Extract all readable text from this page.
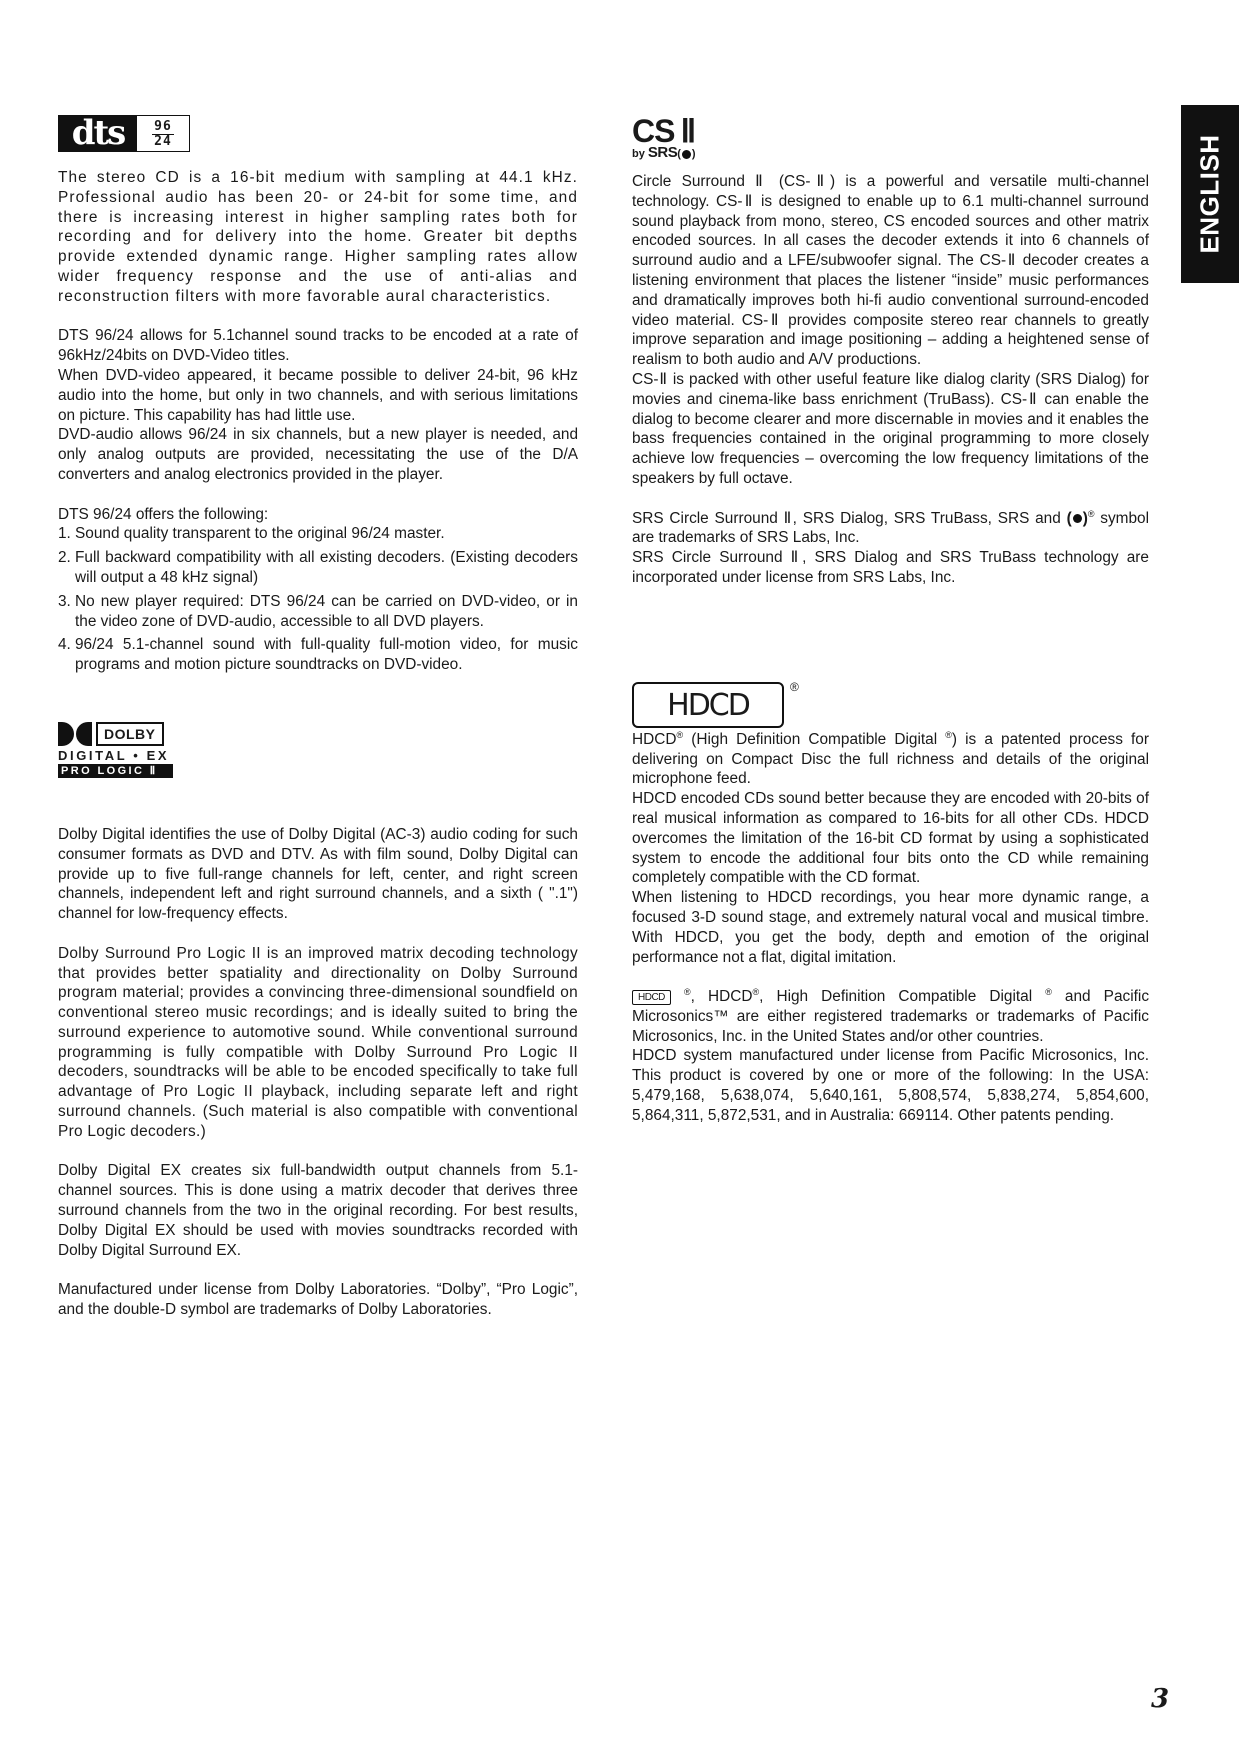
ENGLISH
dts	96
24
DOLBY
DIGITAL • EX
PRO LOGIC Ⅱ
CS Ⅱ
by SRS( )
HDCD
®

The stereo CD is a 16-bit medium with sampling at 44.1 kHz. Professional audio has been 20- or 24-bit for some time, and there is increasing interest in higher sampling rates both for recording and for delivery into the home. Greater bit depths provide extended dynamic range. Higher sampling rates allow wider frequency response and the use of anti-alias and reconstruction filters with more favorable aural characteristics.

DTS 96/24 allows for 5.1channel sound tracks to be encoded at a rate of 96kHz/24bits on DVD-Video titles.

When DVD-video appeared, it became possible to deliver 24-bit, 96 kHz audio into the home, but only in two channels, and with serious limitations on picture. This capability has had little use.

DVD-audio allows 96/24 in six channels, but a new player is needed, and only analog outputs are provided, necessitating the use of the D/A converters and analog electronics provided in the player.

DTS 96/24 offers the following:

1. Sound quality transparent to the original 96/24 master.
2. Full backward compatibility with all existing decoders. (Existing decoders will output a 48 kHz signal)
3. No new player required: DTS 96/24 can be carried on DVD-video, or in the video zone of DVD-audio, accessible to all DVD players.
4. 96/24 5.1-channel sound with full-quality full-motion video, for music programs and motion picture soundtracks on DVD-video.

Dolby Digital identifies the use of Dolby Digital (AC-3) audio coding for such consumer formats as DVD and DTV. As with film sound, Dolby Digital can provide up to five full-range channels for left, center, and right screen channels, independent left and right surround channels, and a sixth ( ".1") channel for low-frequency effects.

Dolby Surround Pro Logic II is an improved matrix decoding technology that provides better spatiality and directionality on Dolby Surround program material; provides a convincing three-dimensional soundfield on conventional stereo music recordings; and is ideally suited to bring the surround experience to automotive sound. While conventional surround programming is fully compatible with Dolby Surround Pro Logic II decoders, soundtracks will be able to be encoded specifically to take full advantage of Pro Logic II playback, including separate left and right surround channels. (Such material is also compatible with conventional Pro Logic decoders.)

Dolby Digital EX creates six full-bandwidth output channels from 5.1-channel sources. This is done using a matrix decoder that derives three surround channels from the two in the original recording. For best results, Dolby Digital EX should be used with movies soundtracks recorded with Dolby Digital Surround EX.

Manufactured under license from Dolby Laboratories. “Dolby”, “Pro Logic”, and the double-D symbol are trademarks of Dolby Laboratories.

Circle Surround Ⅱ (CS-Ⅱ) is a powerful and versatile multi-channel technology. CS-Ⅱ is designed to enable up to 6.1 multi-channel surround sound playback from mono, stereo, CS encoded sources and other matrix encoded sources. In all cases the decoder extends it into 6 channels of surround audio and a LFE/subwoofer signal. The CS-Ⅱ decoder creates a listening environment that places the listener “inside” music performances and dramatically improves both hi-fi audio conventional surround-encoded video material. CS-Ⅱ provides composite stereo rear channels to greatly improve separation and image positioning – adding a heightened sense of realism to both audio and A/V productions.

CS-Ⅱ is packed with other useful feature like dialog clarity (SRS Dialog) for movies and cinema-like bass enrichment (TruBass). CS-Ⅱ can enable the dialog to become clearer and more discernable in movies and it enables the bass frequencies contained in the original programming to more closely achieve low frequencies – overcoming the low frequency limitations of the speakers by full octave.

SRS Circle Surround Ⅱ, SRS Dialog, SRS TruBass, SRS and ( )® symbol are trademarks of SRS Labs, Inc.

SRS Circle Surround Ⅱ, SRS Dialog and SRS TruBass technology are incorporated under license from SRS Labs, Inc.

HDCD® (High Definition Compatible Digital ®) is a patented process for delivering on Compact Disc the full richness and details of the original microphone feed.

HDCD encoded CDs sound better because they are encoded with 20-bits of real musical information as compared to 16-bits for all other CDs. HDCD overcomes the limitation of the 16-bit CD format by using a sophisticated system to encode the additional four bits onto the CD while remaining completely compatible with the CD format.

When listening to HDCD recordings, you hear more dynamic range, a focused 3-D sound stage, and extremely natural vocal and musical timbre. With HDCD, you get the body, depth and emotion of the original performance not a flat, digital imitation.

HDCD ®, HDCD®, High Definition Compatible Digital ® and Pacific Microsonics™ are either registered trademarks or trademarks of Pacific Microsonics, Inc. in the United States and/or other countries.

HDCD system manufactured under license from Pacific Microsonics, Inc. This product is covered by one or more of the following: In the USA: 5,479,168, 5,638,074, 5,640,161, 5,808,574, 5,838,274, 5,854,600, 5,864,311, 5,872,531, and in Australia: 669114. Other patents pending.

3
